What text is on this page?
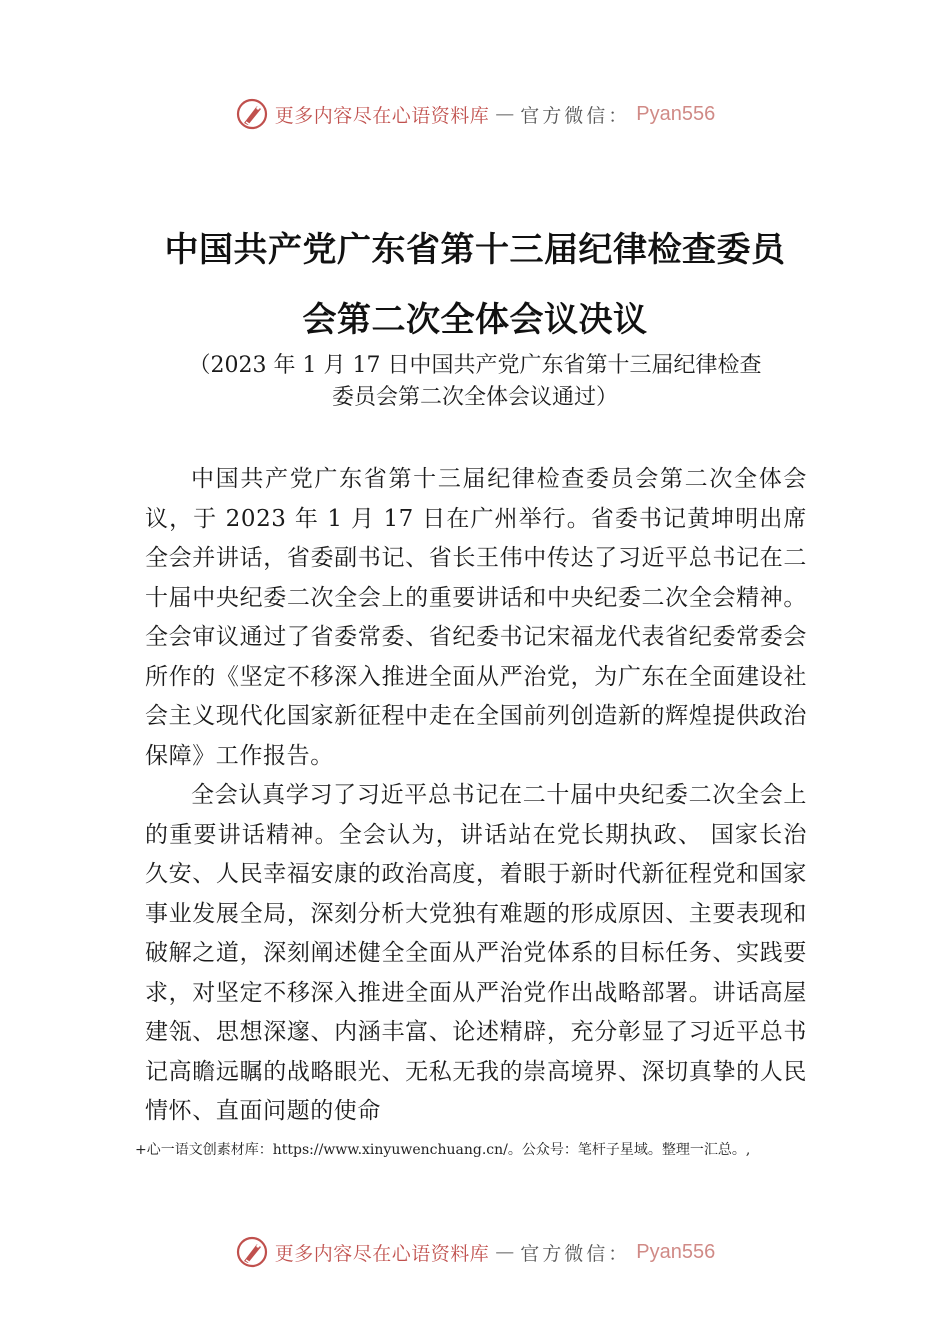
更多内容尽在心语资料库 — 官方微信： Pyan556
中国共产党广东省第十三届纪律检查委员
会第二次全体会议决议
（2023 年 1 月 17 日中国共产党广东省第十三届纪律检查
委员会第二次全体会议通过）

中国共产党广东省第十三届纪律检查委员会第二次全体会议，于 2023 年 1 月 17 日在广州举行。省委书记黄坤明出席全会并讲话，省委副书记、省长王伟中传达了习近平总书记在二十届中央纪委二次全会上的重要讲话和中央纪委二次全会精神。全会审议通过了省委常委、省纪委书记宋福龙代表省纪委常委会所作的《坚定不移深入推进全面从严治党，为广东在全面建设社会主义现代化国家新征程中走在全国前列创造新的辉煌提供政治保障》工作报告。

全会认真学习了习近平总书记在二十届中央纪委二次全会上的重要讲话精神。全会认为，讲话站在党长期执政、 国家长治久安、人民幸福安康的政治高度，着眼于新时代新征程党和国家事业发展全局，深刻分析大党独有难题的形成原因、主要表现和破解之道，深刻阐述健全全面从严治党体系的目标任务、实践要求，对坚定不移深入推进全面从严治党作出战略部署。讲话高屋建瓴、思想深邃、内涵丰富、论述精辟，充分彰显了习近平总书记高瞻远瞩的战略眼光、无私无我的崇高境界、深切真挚的人民情怀、直面问题的使命

+心一语文创素材库：https://www.xinyuwenchuang.cn/。公众号：笔杆子星域。整理一汇总。,
更多内容尽在心语资料库 — 官方微信： Pyan556
